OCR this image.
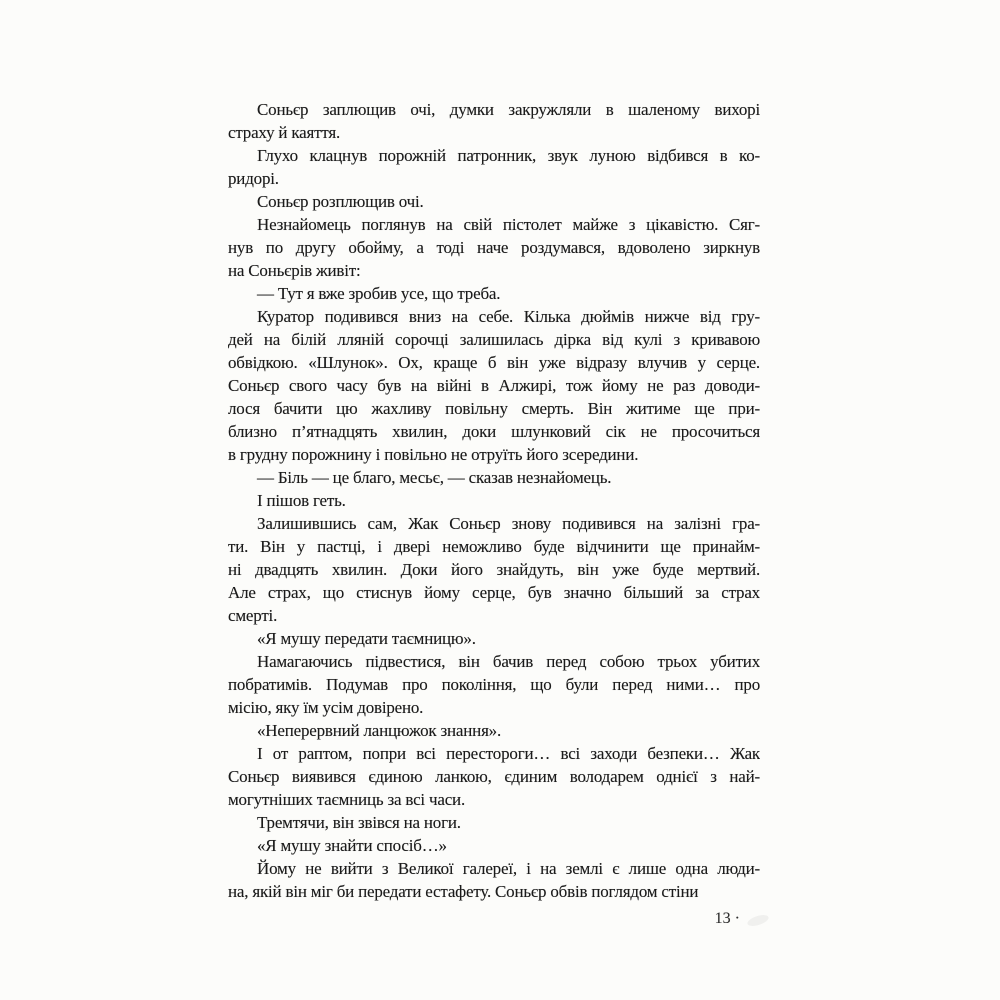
Соньєр заплющив очі, думки закружляли в шаленому вихорі
страху й каяття.
Глухо клацнув порожній патронник, звук луною відбився в ко-
ридорі.
Соньєр розплющив очі.
Незнайомець поглянув на свій пістолет майже з цікавістю. Сяг-
нув по другу обойму, а тоді наче роздумався, вдоволено зиркнув
на Соньєрів живіт:
— Тут я вже зробив усе, що треба.
Куратор подивився вниз на себе. Кілька дюймів нижче від гру-
дей на білій лляній сорочці залишилась дірка від кулі з кривавою
обвідкою. «Шлунок». Ох, краще б він уже відразу влучив у серце.
Соньєр свого часу був на війні в Алжирі, тож йому не раз доводи-
лося бачити цю жахливу повільну смерть. Він житиме ще при-
близно п’ятнадцять хвилин, доки шлунковий сік не просочиться
в грудну порожнину і повільно не отруїть його зсередини.
— Біль — це благо, месьє, — сказав незнайомець.
І пішов геть.
Залишившись сам, Жак Соньєр знову подивився на залізні гра-
ти. Він у пастці, і двері неможливо буде відчинити ще принайм-
ні двадцять хвилин. Доки його знайдуть, він уже буде мертвий.
Але страх, що стиснув йому серце, був значно більший за страх
смерті.
«Я мушу передати таємницю».
Намагаючись підвестися, він бачив перед собою трьох убитих
побратимів. Подумав про покоління, що були перед ними… про
місію, яку їм усім довірено.
«Неперервний ланцюжок знання».
І от раптом, попри всі перестороги… всі заходи безпеки… Жак
Соньєр виявився єдиною ланкою, єдиним володарем однієї з най-
могутніших таємниць за всі часи.
Тремтячи, він звівся на ноги.
«Я мушу знайти спосіб…»
Йому не вийти з Великої галереї, і на землі є лише одна люди-
на, якій він міг би передати естафету. Соньєр обвів поглядом стіни
13 ·
